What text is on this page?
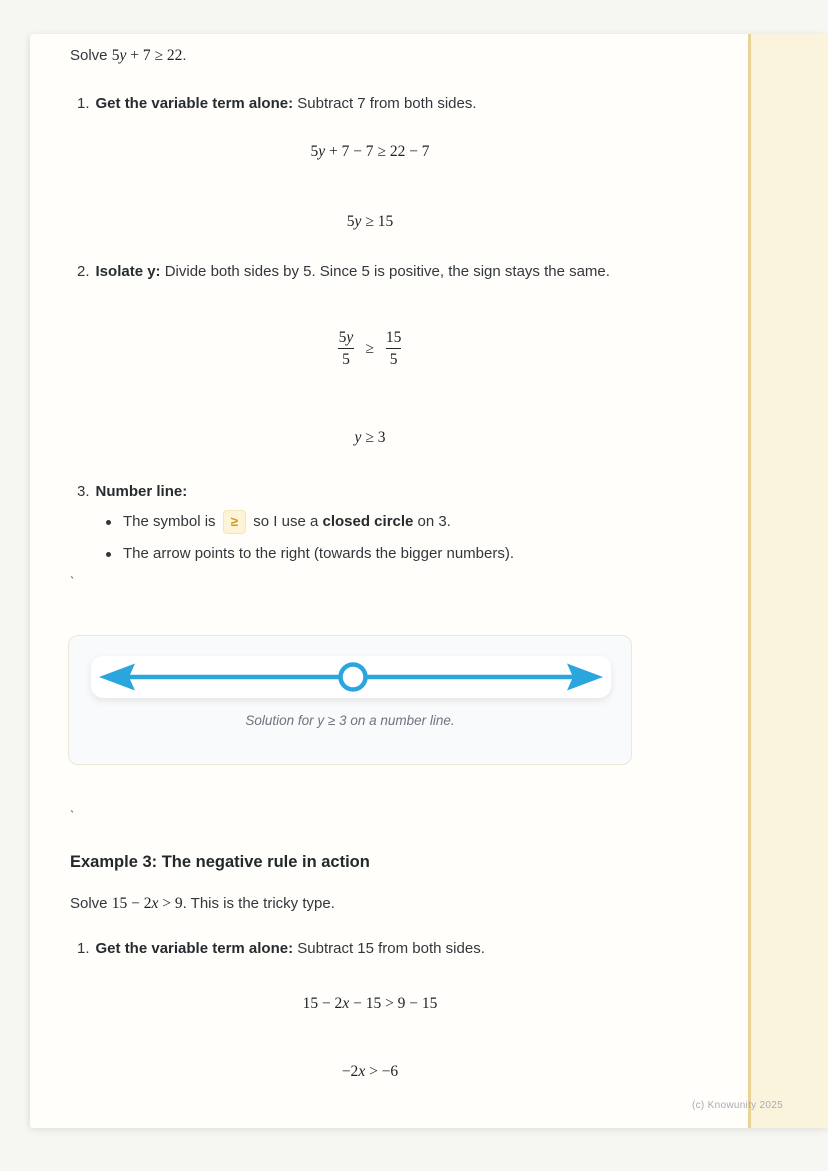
Solve 5y + 7 ≥ 22.

1. Get the variable term alone: Subtract 7 from both sides.
5y + 7 − 7 ≥ 22 − 7
5y ≥ 15
2. Isolate y: Divide both sides by 5. Since 5 is positive, the sign stays the same.
$\frac{5y}{5} \ge \frac{15}{5}$
y ≥ 3
3. Number line:
The symbol is ≥ so I use a closed circle on 3.
The arrow points to the right (towards the bigger numbers).
`
Solution for y ≥ 3 on a number line.
`
Example 3: The negative rule in action

Solve 15 − 2x > 9. This is the tricky type.

1. Get the variable term alone: Subtract 15 from both sides.
15 − 2x − 15 > 9 − 15
−2x > −6
(c) Knowunity 2025
